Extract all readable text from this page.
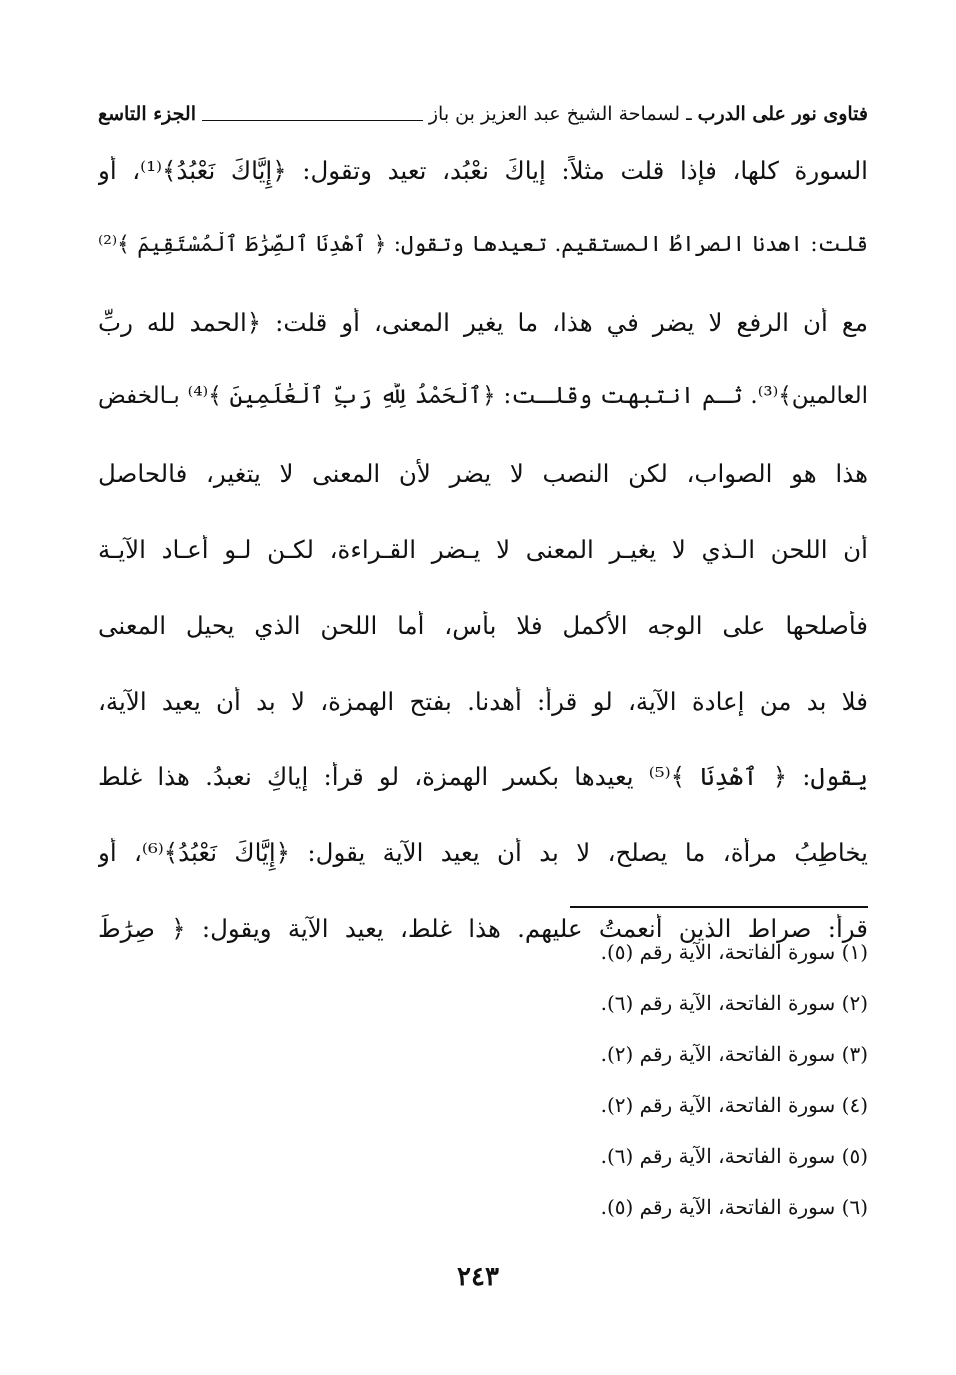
فتاوى نور على الدرب
ـ
لسماحة الشيخ عبد العزيز بن باز
الجزء التاسع
السورة كلها، فإذا قلت مثلاً: إياكَ نعْبُد، تعيد وتقول: ﴿إِيَّاكَ نَعْبُدُ﴾⁽¹⁾، أو
قلت: اهدنا الصراطُ المستقيم. تعيدها وتقول: ﴿ ٱهْدِنَا ٱلصِّرَٰطَ ٱلْمُسْتَقِيمَ ﴾⁽²⁾
مع أن الرفع لا يضر في هذا، ما يغير المعنى، أو قلت: ﴿الحمد لله ربِّ
العالمين﴾⁽³⁾. ثـم انتبهت وقلـت: ﴿ٱلْحَمْدُ لِلَّهِ رَبِّ ٱلْعَٰلَمِينَ ﴾⁽⁴⁾ بـالخفض
هذا هو الصواب، لكن النصب لا يضر لأن المعنى لا يتغير، فالحاصل
أن اللحن الـذي لا يغيـر المعنى لا يـضر القـراءة، لكـن لـو أعـاد الآيـة
فأصلحها على الوجه الأكمل فلا بأس، أما اللحن الذي يحيل المعنى
فلا بد من إعادة الآية، لو قرأ: أَهدنا. بفتح الهمزة، لا بد أن يعيد الآية،
يقول: ﴿ ٱهْدِنَا ﴾⁽⁵⁾ يعيدها بكسر الهمزة، لو قرأ: إياكِ نعبدُ. هذا غلط
يخاطِبُ مرأة، ما يصلح، لا بد أن يعيد الآية يقول: ﴿إِيَّاكَ نَعْبُدُ﴾⁽⁶⁾، أو
قرأ: صراط الذين أنعمتُ عليهم. هذا غلط، يعيد الآية ويقول: ﴿ صِرَٰطَ
(١) سورة الفاتحة، الآية رقم (٥).
(٢) سورة الفاتحة، الآية رقم (٦).
(٣) سورة الفاتحة، الآية رقم (٢).
(٤) سورة الفاتحة، الآية رقم (٢).
(٥) سورة الفاتحة، الآية رقم (٦).
(٦) سورة الفاتحة، الآية رقم (٥).
٢٤٣
